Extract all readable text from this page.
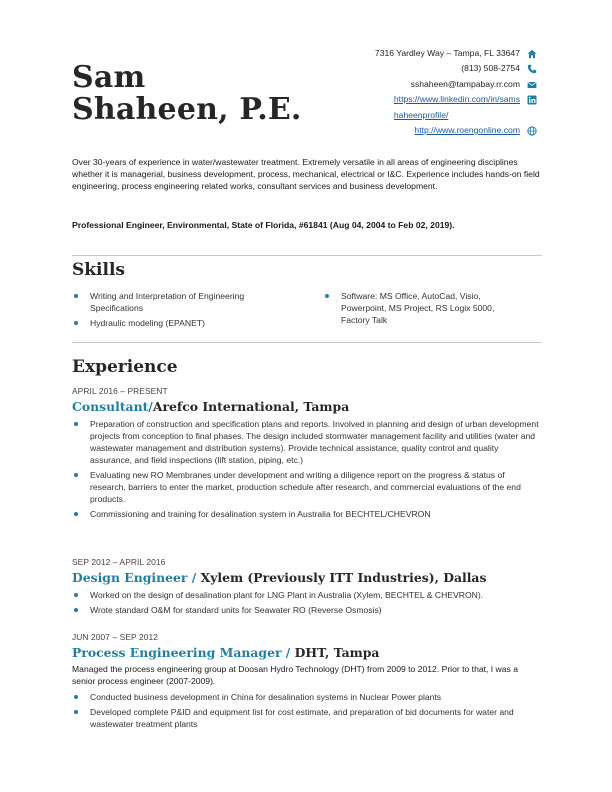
Sam
Shaheen, P.E.
7316 Yardley Way – Tampa, FL 33647
(813) 508-2754
sshaheen@tampabay.rr.com
https://www.linkedin.com/in/sams
haheenprofile/
http://www.roengonline.com
Over 30-years of experience in water/wastewater treatment. Extremely versatile in all areas of engineering disciplines whether it is managerial, business development, process, mechanical, electrical or I&C. Experience includes hands-on field engineering, process engineering related works, consultant services and business development.
Professional Engineer, Environmental, State of Florida, #61841 (Aug 04, 2004 to Feb 02, 2019).
Skills
Writing and Interpretation of Engineering Specifications
Hydraulic modeling (EPANET)
Software: MS Office, AutoCad, Visio, Powerpoint, MS Project, RS Logix 5000, Factory Talk
Experience
APRIL 2016 – PRESENT
Consultant/Arefco International, Tampa
Preparation of construction and specification plans and reports. Involved in planning and design of urban development projects from conception to final phases. The design included stormwater management facility and utilities (water and wastewater management and distribution systems). Provide technical assistance, quality control and quality assurance, and field inspections (lift station, piping, etc.)
Evaluating new RO Membranes under development and writing a diligence report on the progress & status of research, barriers to enter the market, production schedule after research, and commercial evaluations of the end products.
Commissioning and training for desalination system in Australia for BECHTEL/CHEVRON
SEP 2012 – APRIL 2016
Design Engineer / Xylem (Previously ITT Industries), Dallas
Worked on the design of desalination plant for LNG Plant in Australia (Xylem, BECHTEL & CHEVRON).
Wrote standard O&M for standard units for Seawater RO (Reverse Osmosis)
JUN 2007 – SEP 2012
Process Engineering Manager / DHT, Tampa
Managed the process engineering group at Doosan Hydro Technology (DHT) from 2009 to 2012. Prior to that, I was a senior process engineer (2007-2009).
Conducted business development in China for desalination systems in Nuclear Power plants
Developed complete P&ID and equipment list for cost estimate, and preparation of bid documents for water and wastewater treatment plants
